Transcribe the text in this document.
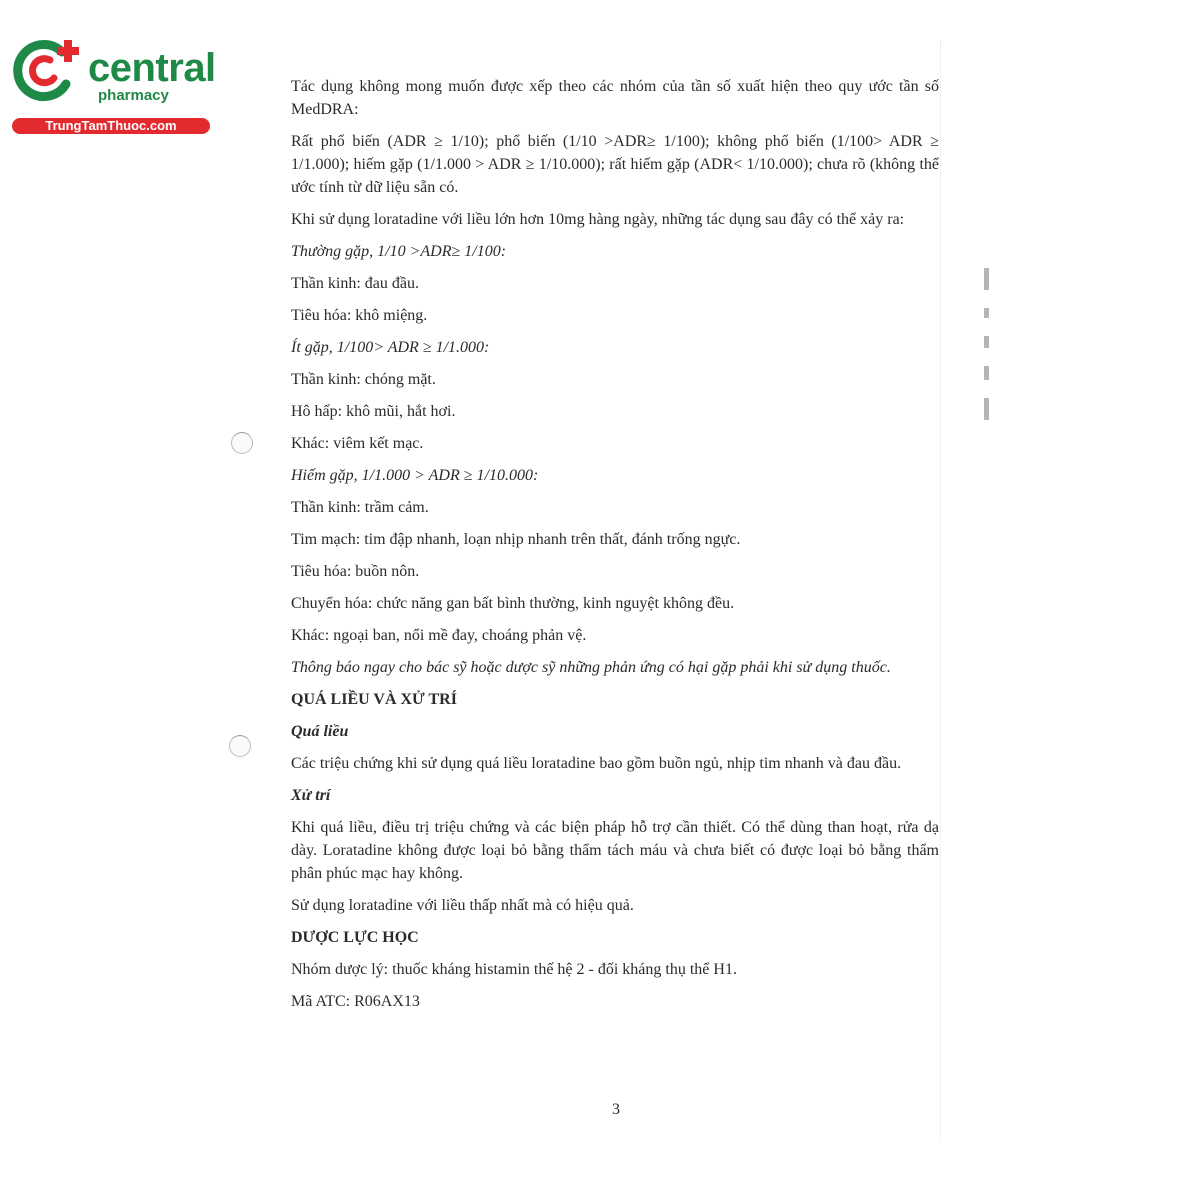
central
pharmacy
TrungTamThuoc.com

Tác dụng không mong muốn được xếp theo các nhóm của tần số xuất hiện theo quy ước tần số MedDRA:

Rất phổ biến (ADR ≥ 1/10); phổ biến (1/10 >ADR≥ 1/100); không phổ biến (1/100> ADR ≥ 1/1.000); hiếm gặp (1/1.000 > ADR ≥ 1/10.000); rất hiếm gặp (ADR< 1/10.000); chưa rõ (không thể ước tính từ dữ liệu sẵn có.

Khi sử dụng loratadine với liều lớn hơn 10mg hàng ngày, những tác dụng sau đây có thể xảy ra:

Thường gặp, 1/10 >ADR≥ 1/100:

Thần kinh: đau đầu.

Tiêu hóa: khô miệng.

Ít gặp, 1/100> ADR ≥ 1/1.000:

Thần kinh: chóng mặt.

Hô hấp: khô mũi, hắt hơi.

Khác: viêm kết mạc.

Hiếm gặp, 1/1.000 > ADR ≥ 1/10.000:

Thần kinh: trầm cảm.

Tim mạch: tim đập nhanh, loạn nhịp nhanh trên thất, đánh trống ngực.

Tiêu hóa: buồn nôn.

Chuyển hóa: chức năng gan bất bình thường, kinh nguyệt không đều.

Khác: ngoại ban, nổi mề đay, choáng phản vệ.

Thông báo ngay cho bác sỹ hoặc dược sỹ những phản ứng có hại gặp phải khi sử dụng thuốc.

QUÁ LIỀU VÀ XỬ TRÍ

Quá liều

Các triệu chứng khi sử dụng quá liều loratadine bao gồm buồn ngủ, nhịp tim nhanh và đau đầu.

Xử trí

Khi quá liều, điều trị triệu chứng và các biện pháp hỗ trợ cần thiết. Có thể dùng than hoạt, rửa dạ dày. Loratadine không được loại bỏ bằng thẩm tách máu và chưa biết có được loại bỏ bằng thẩm phân phúc mạc hay không.

Sử dụng loratadine với liều thấp nhất mà có hiệu quả.

DƯỢC LỰC HỌC

Nhóm dược lý: thuốc kháng histamin thế hệ 2 - đối kháng thụ thể H1.

Mã ATC: R06AX13

3
